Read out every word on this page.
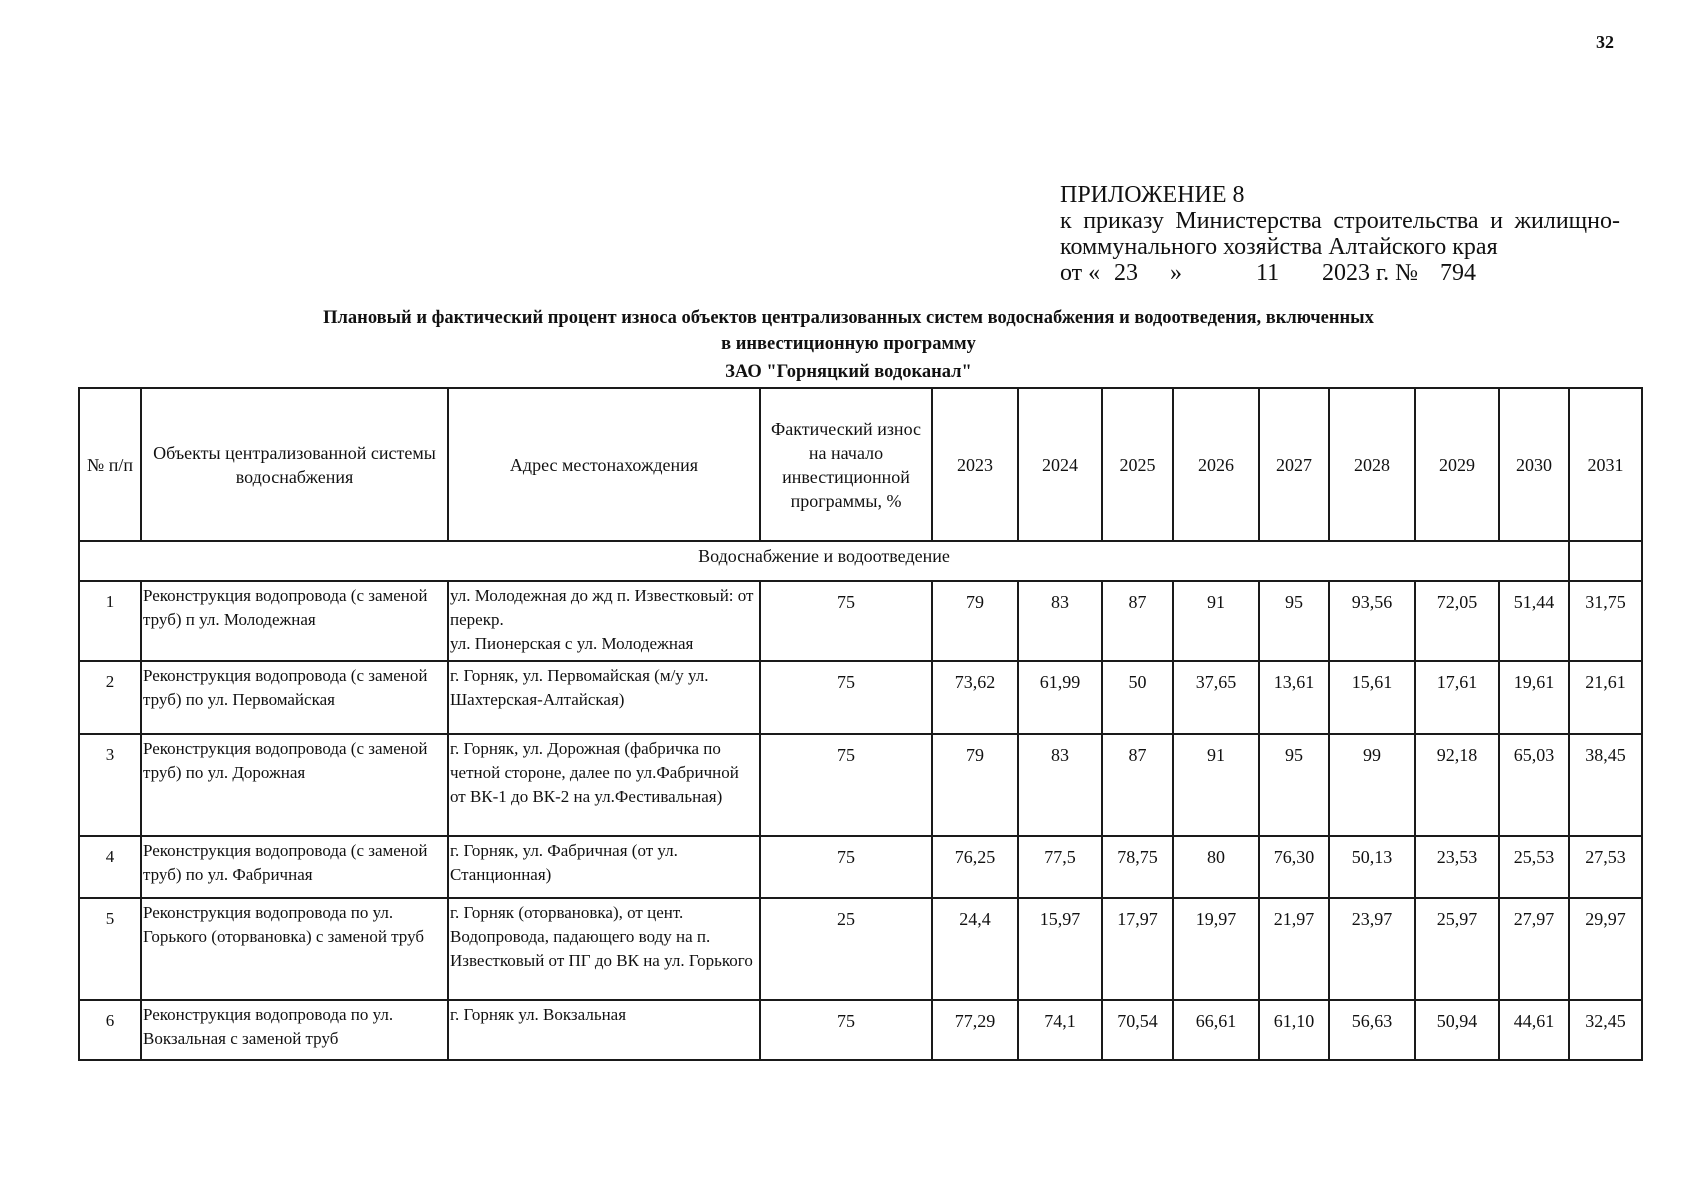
32
ПРИЛОЖЕНИЕ 8
к приказу Министерства строительства и жилищно-
коммунального хозяйства Алтайского края
от « 23	»	11	2023 г. № 794
Плановый и фактический процент износа объектов централизованных систем водоснабжения и водоотведения, включенных
в инвестиционную программу
ЗАО "Горняцкий водоканал"
№ п/п	Объекты централизованной системы водоснабжения	Адрес местонахождения	Фактический износ на начало инвестиционной программы, %	2023	2024	2025	2026	2027	2028	2029	2030	2031
Водоснабжение и водоотведение												
1	Реконструкция водопровода (с заменой труб) п ул. Молодежная	ул. Молодежная до жд п. Известковый: от перекр.
ул. Пионерская с ул. Молодежная	75	79	83	87	91	95	93,56	72,05	51,44	31,75
2	Реконструкция водопровода (с заменой труб) по ул. Первомайская	г. Горняк, ул. Первомайская (м/у ул. Шахтерская-Алтайская)	75	73,62	61,99	50	37,65	13,61	15,61	17,61	19,61	21,61
3	Реконструкция водопровода (с заменой труб) по ул. Дорожная	г. Горняк, ул. Дорожная (фабричка по четной стороне, далее по ул.Фабричной от ВК-1 до ВК-2 на ул.Фестивальная)	75	79	83	87	91	95	99	92,18	65,03	38,45
4	Реконструкция водопровода (с заменой труб) по ул. Фабричная	г. Горняк, ул. Фабричная (от ул. Станционная)	75	76,25	77,5	78,75	80	76,30	50,13	23,53	25,53	27,53
5	Реконструкция водопровода по ул. Горького (оторвановка) с заменой труб	г. Горняк (оторвановка), от цент. Водопровода, падающего воду на п. Известковый от ПГ до ВК на ул. Горького	25	24,4	15,97	17,97	19,97	21,97	23,97	25,97	27,97	29,97
6	Реконструкция водопровода по ул. Вокзальная с заменой труб	г. Горняк ул. Вокзальная	75	77,29	74,1	70,54	66,61	61,10	56,63	50,94	44,61	32,45
